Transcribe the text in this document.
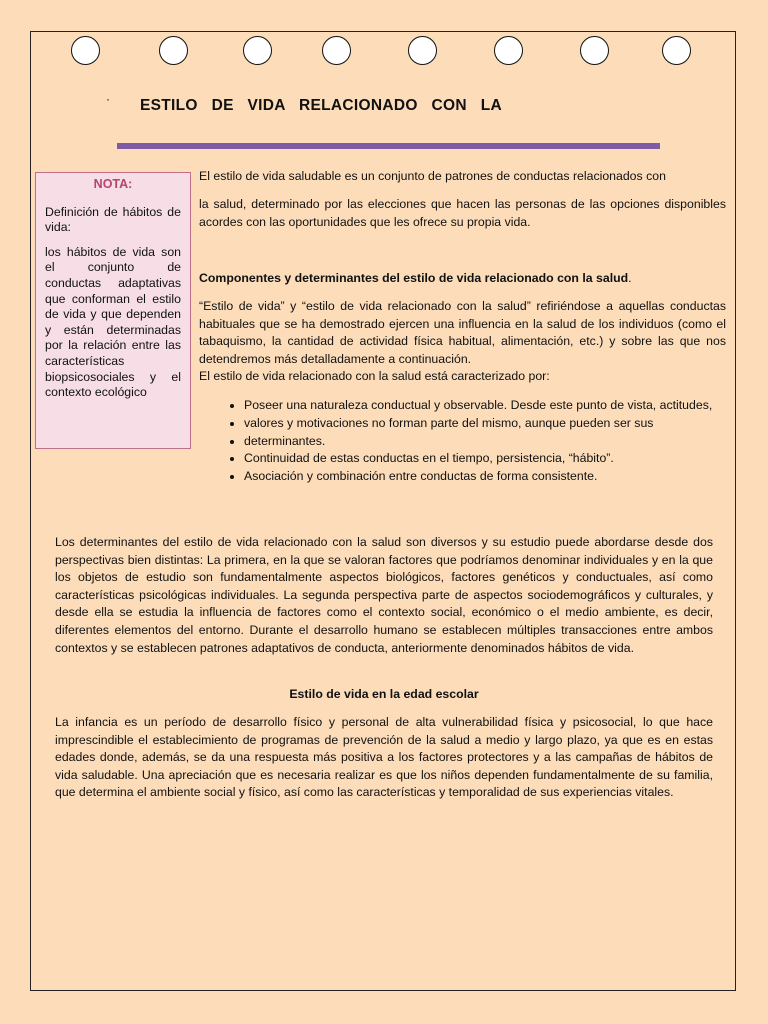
· ESTILO   DE   VIDA   RELACIONADO   CON   LA
NOTA:

Definición de hábitos de vida:

los hábitos de vida son el conjunto de conductas adaptativas que conforman el estilo de vida y que dependen y están determinadas por la relación entre las características biopsicosociales y el contexto ecológico

El estilo de vida saludable es un conjunto de patrones de conductas relacionados con

la salud, determinado por las elecciones que hacen las personas de las opciones disponibles acordes con las oportunidades que les ofrece su propia vida.

Componentes y determinantes del estilo de vida relacionado con la salud.

“Estilo de vida” y “estilo de vida relacionado con la salud” refiriéndose a aquellas conductas habituales que se ha demostrado ejercen una influencia en la salud de los individuos (como el tabaquismo, la cantidad de actividad física habitual, alimentación, etc.) y sobre las que nos detendremos más detalladamente a continuación.

El estilo de vida relacionado con la salud está caracterizado por:

• Poseer una naturaleza conductual y observable. Desde este punto de vista, actitudes,
• valores y motivaciones no forman parte del mismo, aunque pueden ser sus
• determinantes.
• Continuidad de estas conductas en el tiempo, persistencia, “hábito”.
• Asociación y combinación entre conductas de forma consistente.

Los determinantes del estilo de vida relacionado con la salud son diversos y su estudio puede abordarse desde dos perspectivas bien distintas: La primera, en la que se valoran factores que podríamos denominar individuales y en la que los objetos de estudio son fundamentalmente aspectos biológicos, factores genéticos y conductuales, así como características psicológicas individuales. La segunda perspectiva parte de aspectos sociodemográficos y culturales, y desde ella se estudia la influencia de factores como el contexto social, económico o el medio ambiente, es decir, diferentes elementos del entorno. Durante el desarrollo humano se establecen múltiples transacciones entre ambos contextos y se establecen patrones adaptativos de conducta, anteriormente denominados hábitos de vida.

Estilo de vida en la edad escolar

La infancia es un período de desarrollo físico y personal de alta vulnerabilidad física y psicosocial, lo que hace imprescindible el establecimiento de programas de prevención de la salud a medio y largo plazo, ya que es en estas edades donde, además, se da una respuesta más positiva a los factores protectores y a las campañas de hábitos de vida saludable. Una apreciación que es necesaria realizar es que los niños dependen fundamentalmente de su familia, que determina el ambiente social y físico, así como las características y temporalidad de sus experiencias vitales.
